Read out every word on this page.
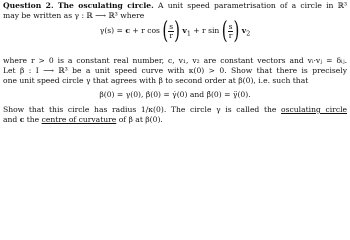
Question 2. The osculating circle. A unit speed parametrisation of a circle in ℝ³
may be written as γ : ℝ ⟶ ℝ³ where
γ(s) = c + r cos ( $\frac{s}{r}$ ) $v_1 + r$ sin ( $\frac{s}{r}$ ) $v_2$
where r > 0 is a constant real number, c, v₁, v₂ are constant vectors and vᵢ·vⱼ = δᵢⱼ.
Let β : I ⟶ ℝ³ be a unit speed curve with κ(0) > 0. Show that there is precisely
one unit speed circle γ that agrees with β to second order at β(0), i.e. such that
β(0) = γ(0), β̇(0) = γ̇(0) and β̈(0) = γ̈(0).
Show that this circle has radius 1/κ(0). The circle γ is called the osculating circle
and c the centre of curvature of β at β(0).
